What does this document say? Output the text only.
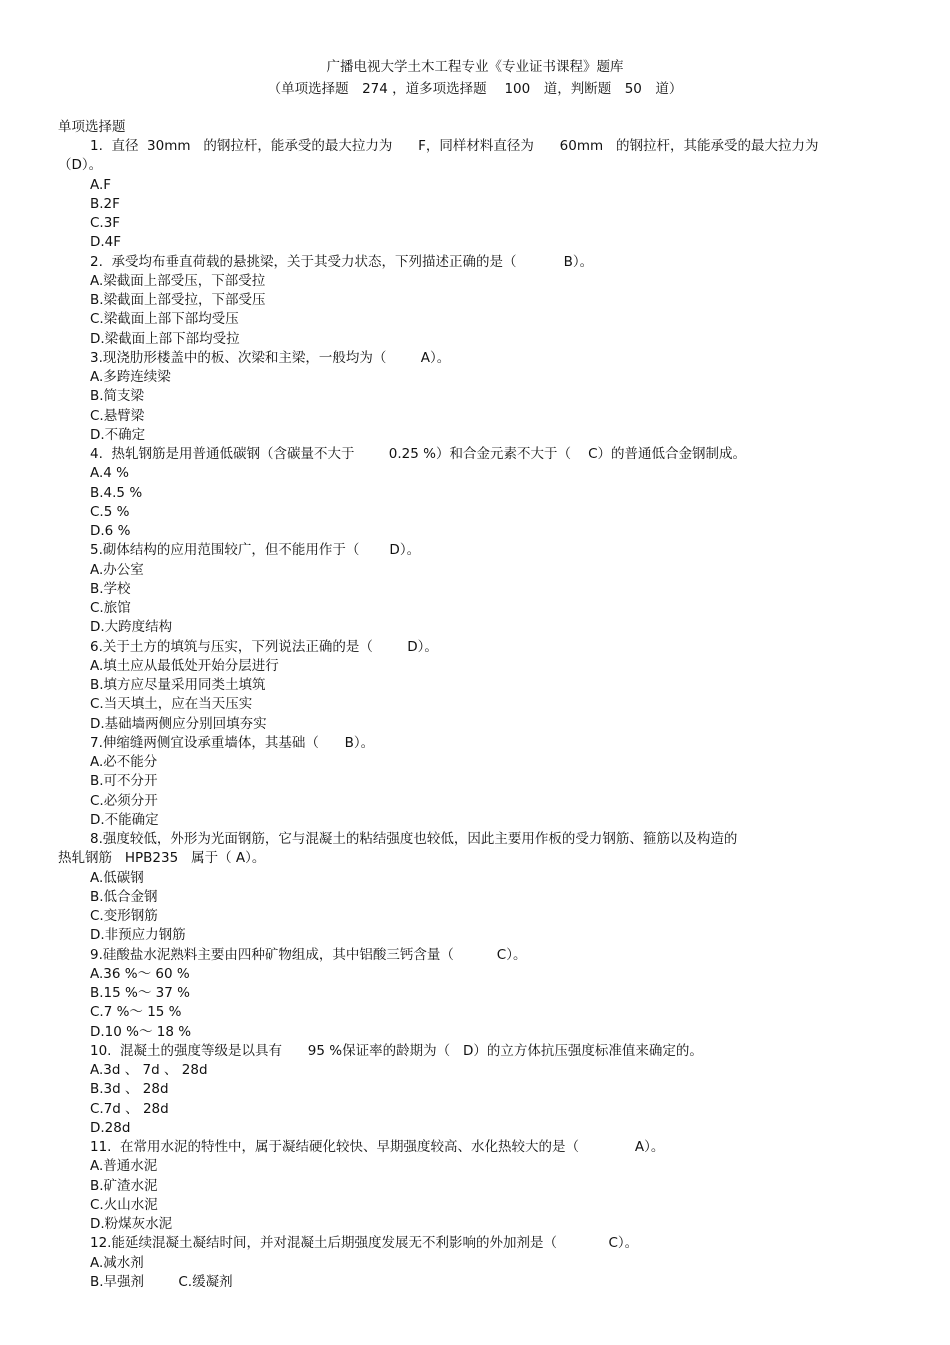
广播电视大学土木工程专业《专业证书课程》题库
（单项选择题　274 ，道多项选择题　 100　道，判断题　50　道）
单项选择题
1.  直径  30mm   的钢拉杆，能承受的最大拉力为      F，同样材料直径为      60mm   的钢拉杆，其能承受的最大拉力为
（D）。
A.F
B.2F
C.3F
D.4F
2.  承受均布垂直荷载的悬挑梁，关于其受力状态，下列描述正确的是（           B）。
A.梁截面上部受压，下部受拉
B.梁截面上部受拉，下部受压
C.梁截面上部下部均受压
D.梁截面上部下部均受拉
3.现浇肋形楼盖中的板、次梁和主梁，一般均为（        A）。
A.多跨连续梁
B.简支梁
C.悬臂梁
D.不确定
4.  热轧钢筋是用普通低碳钢（含碳量不大于        0.25 %）和合金元素不大于（    C）的普通低合金钢制成。
A.4 %
B.4.5 %
C.5 %
D.6 %
5.砌体结构的应用范围较广，但不能用作于（       D）。
A.办公室
B.学校
C.旅馆
D.大跨度结构
6.关于土方的填筑与压实，下列说法正确的是（        D）。
A.填土应从最低处开始分层进行
B.填方应尽量采用同类土填筑
C.当天填土，应在当天压实
D.基础墙两侧应分别回填夯实
7.伸缩缝两侧宜设承重墙体，其基础（      B）。
A.必不能分
B.可不分开
C.必须分开
D.不能确定
8.强度较低，外形为光面钢筋，它与混凝土的粘结强度也较低，因此主要用作板的受力钢筋、箍筋以及构造的
热轧钢筋   HPB235   属于（ A）。
A.低碳钢
B.低合金钢
C.变形钢筋
D.非预应力钢筋
9.硅酸盐水泥熟料主要由四种矿物组成，其中铝酸三钙含量（          C）。
A.36 %～ 60 %
B.15 %～ 37 %
C.7 %～ 15 %
D.10 %～ 18 %
10.  混凝土的强度等级是以具有      95 %保证率的龄期为（   D）的立方体抗压强度标准值来确定的。
A.3d 、 7d 、 28d
B.3d 、 28d
C.7d 、 28d
D.28d
11.  在常用水泥的特性中，属于凝结硬化较快、早期强度较高、水化热较大的是（             A）。
A.普通水泥
B.矿渣水泥
C.火山水泥
D.粉煤灰水泥
12.能延续混凝土凝结时间，并对混凝土后期强度发展无不利影响的外加剂是（            C）。
A.减水剂
B.早强剂        C.缓凝剂
